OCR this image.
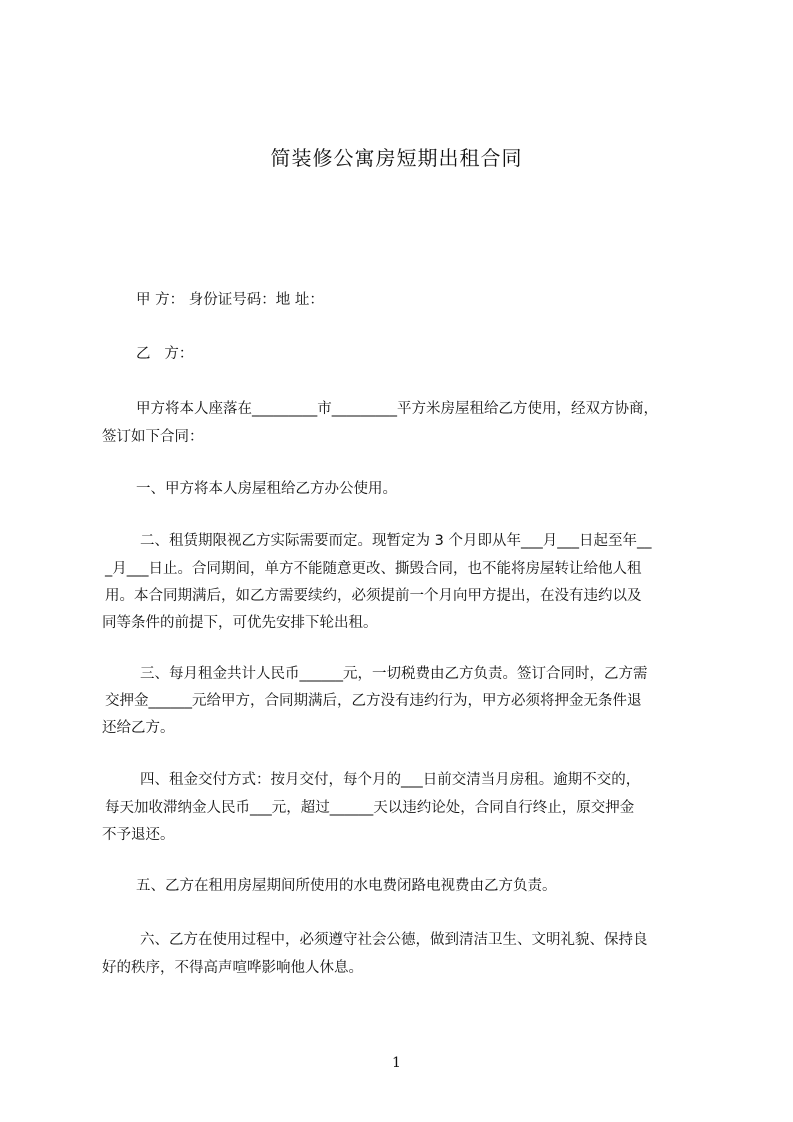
简装修公寓房短期出租合同
甲 方： 身份证号码：地 址：
乙   方：
甲方将本人座落在_________市_________平方米房屋租给乙方使用，经双方协商，
签订如下合同：
一、甲方将本人房屋租给乙方办公使用。
二、租赁期限视乙方实际需要而定。现暂定为 3 个月即从年___月___日起至年__
_月___日止。合同期间，单方不能随意更改、撕毁合同，也不能将房屋转让给他人租
用。本合同期满后，如乙方需要续约，必须提前一个月向甲方提出，在没有违约以及
同等条件的前提下，可优先安排下轮出租。
三、每月租金共计人民币______元，一切税费由乙方负责。签订合同时，乙方需
交押金______元给甲方，合同期满后，乙方没有违约行为，甲方必须将押金无条件退
还给乙方。
四、租金交付方式：按月交付，每个月的___日前交清当月房租。逾期不交的，
每天加收滞纳金人民币___元，超过______天以违约论处，合同自行终止，原交押金
不予退还。
五、乙方在租用房屋期间所使用的水电费闭路电视费由乙方负责。
六、乙方在使用过程中，必须遵守社会公德，做到清洁卫生、文明礼貌、保持良
好的秩序，不得高声喧哗影响他人休息。
1
